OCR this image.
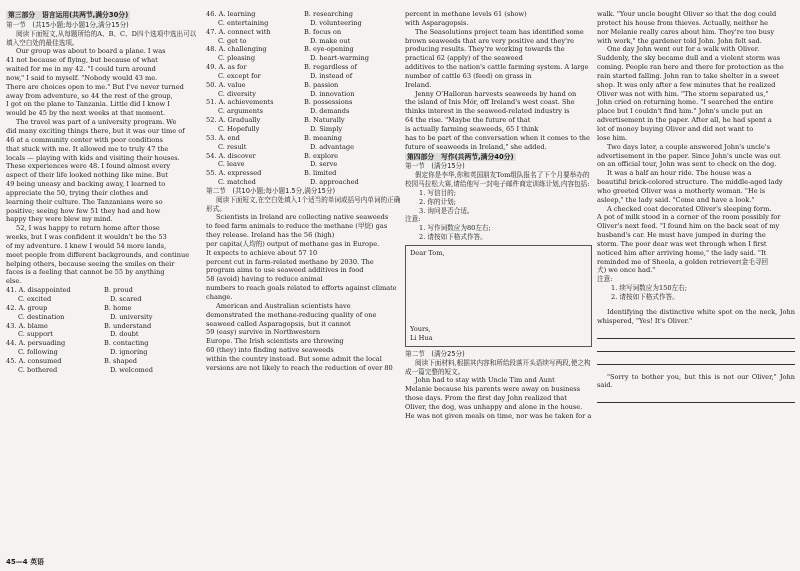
第三部分　语言运用(共两节,满分30分)
第一节　(共15小题;每小题1分,满分15分)

阅读下面短文,从每题所给的A、B、C、D四个选项中选出可以填入空白处的最佳选项。

Our group was about to board a plane. I was
41 not because of flying, but because of what
waited for me in my 42. "I could turn around
now," I said to myself. "Nobody would 43 me.
There are choices open to me." But I've never turned
away from adventure, so 44 the rest of the group,
I got on the plane to Tanzania. Little did I know I
would be 45 by the next weeks at that moment.
The travel was part of a university program. We
did many exciting things there, but it was our time of
46 at a community center with poor conditions
that stuck with me. It allowed me to truly 47 the
locals — playing with kids and visiting their houses.
These experiences were 48. I found almost every
aspect of their life looked nothing like mine. But
49 being uneasy and backing away, I learned to
appreciate the 50, trying their clothes and
learning their culture. The Tanzanians were so
positive; seeing how few 51 they had and how
happy they were blew my mind.
52, I was happy to return home after those
weeks, but I was confident it wouldn't be the 53
of my adventure. I knew I would 54 more lands,
meet people from different backgrounds, and continue
helping others, because seeing the smiles on their
faces is a feeling that cannot be 55 by anything
else.
41. A. disappointed	B. proud
C. excited	D. scared
42. A. group	B. home
C. destination	D. university
43. A. blame	B. understand
C. support	D. doubt
44. A. persuading	B. contacting
C. following	D. ignoring
45. A. consumed	B. shaped
C. bothered	D. welcomed
46. A. learning	B. researching
C. entertaining	D. volunteering
47. A. connect with	B. focus on
C. get to	D. make out
48. A. challenging	B. eye-opening
C. pleasing	D. heart-warming
49. A. as for	B. regardless of
C. except for	D. instead of
50. A. value	B. passion
C. diversity	D. innovation
51. A. achievements	B. possessions
C. arguments	D. demands
52. A. Gradually	B. Naturally
C. Hopefully	D. Simply
53. A. end	B. meaning
C. result	D. advantage
54. A. discover	B. explore
C. leave	D. serve
55. A. expressed	B. limited
C. matched	D. approached
第二节　(共10小题;每小题1.5分,满分15分)

阅读下面短文,在空白处填入1个适当的单词或括号内单词的正确形式。

Scientists in Ireland are collecting native seaweeds
to feed farm animals to reduce the methane (甲烷) gas
they release. Ireland has the 56 (high)
per capita(人均的) output of methane gas in Europe.
It expects to achieve about 57 10
percent cut in farm-related methane by 2030. The
program aims to use seaweed additives in food
58 (avoid) having to reduce animal
numbers to reach goals related to efforts against climate
change.
American and Australian scientists have
demonstrated the methane-reducing quality of one
seaweed called Asparagopsis, but it cannot
59 (easy) survive in Northwestern
Europe. The Irish scientists are throwing
60 (they) into finding native seaweeds
within the country instead. But some admit the local
versions are not likely to reach the reduction of over 80
percent in methane levels 61 (show)
with Asparagopsis.
The Seasolutions project team has identified some
brown seaweeds that are very positive and they're
producing results. They're working towards the
practical 62 (apply) of the seaweed
additives to the nation's cattle farming system. A large
number of cattle 63 (feed) on grass in
Ireland.
Jenny O'Halloran harvests seaweeds by hand on
the island of Inis Mór, off Ireland's west coast. She
thinks interest in the seaweed-related industry is
64 the rise. "Maybe the future of that
is actually farming seaweeds, 65 I think
has to be part of the conversation when it comes to the
future of seaweeds in Ireland," she added.
第四部分　写作(共两节,满分40分)
第一节　(满分15分)

假定你是李华,你和英国朋友Tom组队报名了下个月要举办的校园马拉松大赛,请给他写一封电子邮件商定训练计划,内容包括:

1. 写信目的;
2. 你的计划;
3. 询问是否合适。
注意:
1. 写作词数应为80左右;
2. 请按如下格式作答。
Dear Tom,
Yours,
Li Hua
第二节　(满分25分)

阅读下面材料,根据其内容和所给段落开头语续写两段,使之构成一篇完整的短文。

John had to stay with Uncle Tim and Aunt
Melanie because his parents were away on business
those days. From the first day John realized that
Oliver, the dog, was unhappy and alone in the house.
He was not given meals on time, nor was he taken for a
walk. "Your uncle bought Oliver so that the dog could
protect his house from thieves. Actually, neither he
nor Melanie really cares about him. They're too busy
with work," the gardener told John. John felt sad.
One day John went out for a walk with Oliver.
Suddenly, the sky became dull and a violent storm was
coming. People ran here and there for protection as the
rain started falling. John ran to take shelter in a sweet
shop. It was only after a few minutes that he realized
Oliver was not with him. "The storm separated us,"
John cried on returning home. "I searched the entire
place but I couldn't find him." John's uncle put an
advertisement in the paper. After all, he had spent a
lot of money buying Oliver and did not want to
lose him.
Two days later, a couple answered John's uncle's
advertisement in the paper. Since John's uncle was out
on an official tour, John was sent to check on the dog.
It was a half an hour ride. The house was a
beautiful brick-colored structure. The middle-aged lady
who greeted Oliver was a motherly woman. "He is
asleep," the lady said. "Come and have a look."
A checked coat decorated Oliver's sleeping form.
A pot of milk stood in a corner of the room possibly for
Oliver's next feed. "I found him on the back seat of my
husband's car. He must have jumped in during the
storm. The poor dear was wet through when I first
noticed him after arriving home," the lady said. "It
reminded me of Sheela, a golden retriever(金毛寻回
犬) we once had."
注意:
1. 续写词数应为150左右;
2. 请按如下格式作答。

Identifying the distinctive white spot on the neck, John whispered, "Yes! It's Oliver."

"Sorry to bother you, but this is not our Oliver," John said.

45—4 英语
